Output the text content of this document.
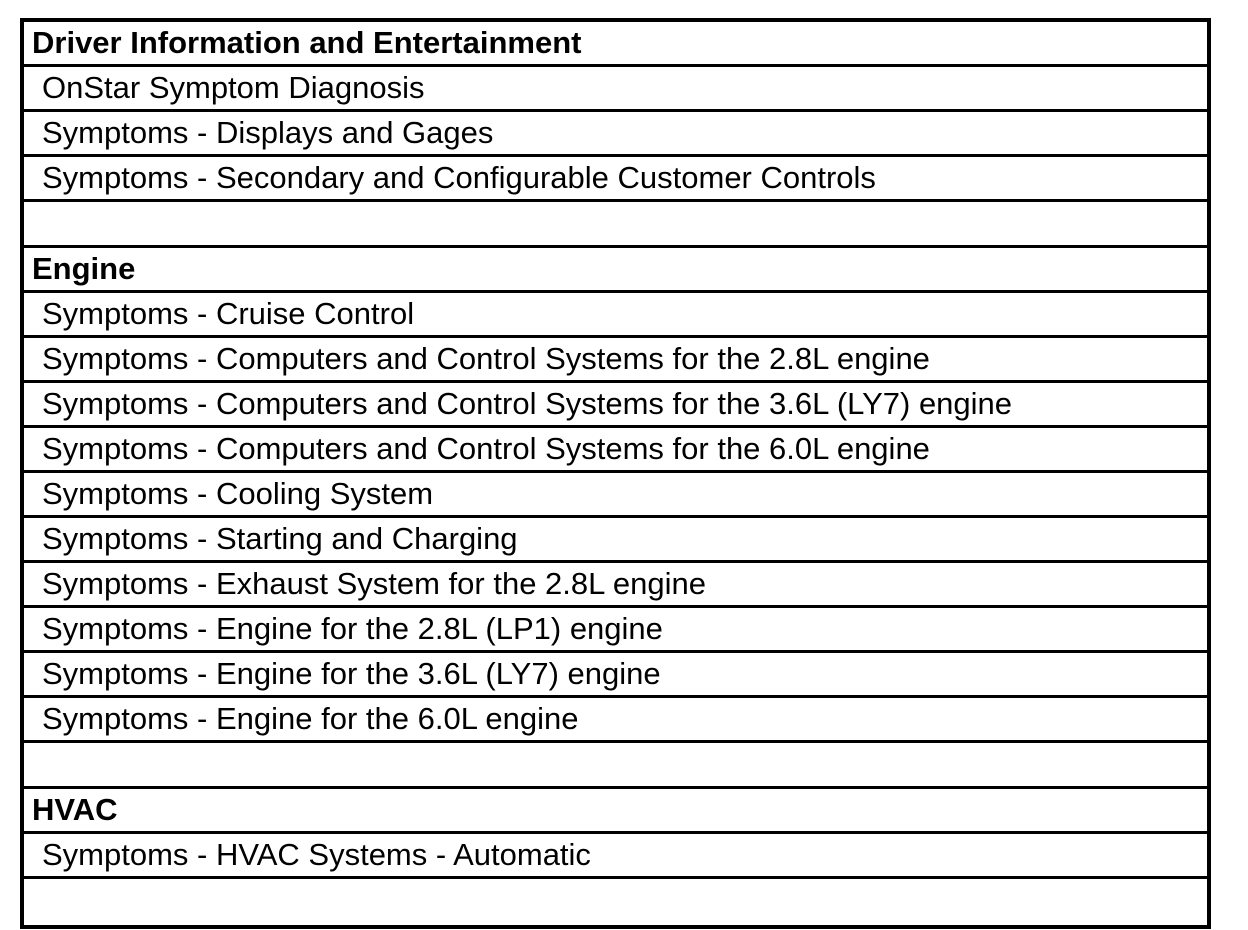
Driver Information and Entertainment
OnStar Symptom Diagnosis
Symptoms - Displays and Gages
Symptoms - Secondary and Configurable Customer Controls
Engine
Symptoms - Cruise Control
Symptoms - Computers and Control Systems for the 2.8L engine
Symptoms - Computers and Control Systems for the 3.6L (LY7) engine
Symptoms - Computers and Control Systems for the 6.0L engine
Symptoms - Cooling System
Symptoms - Starting and Charging
Symptoms - Exhaust System for the 2.8L engine
Symptoms - Engine for the 2.8L (LP1) engine
Symptoms - Engine for the 3.6L (LY7) engine
Symptoms - Engine for the 6.0L engine
HVAC
Symptoms - HVAC Systems - Automatic
